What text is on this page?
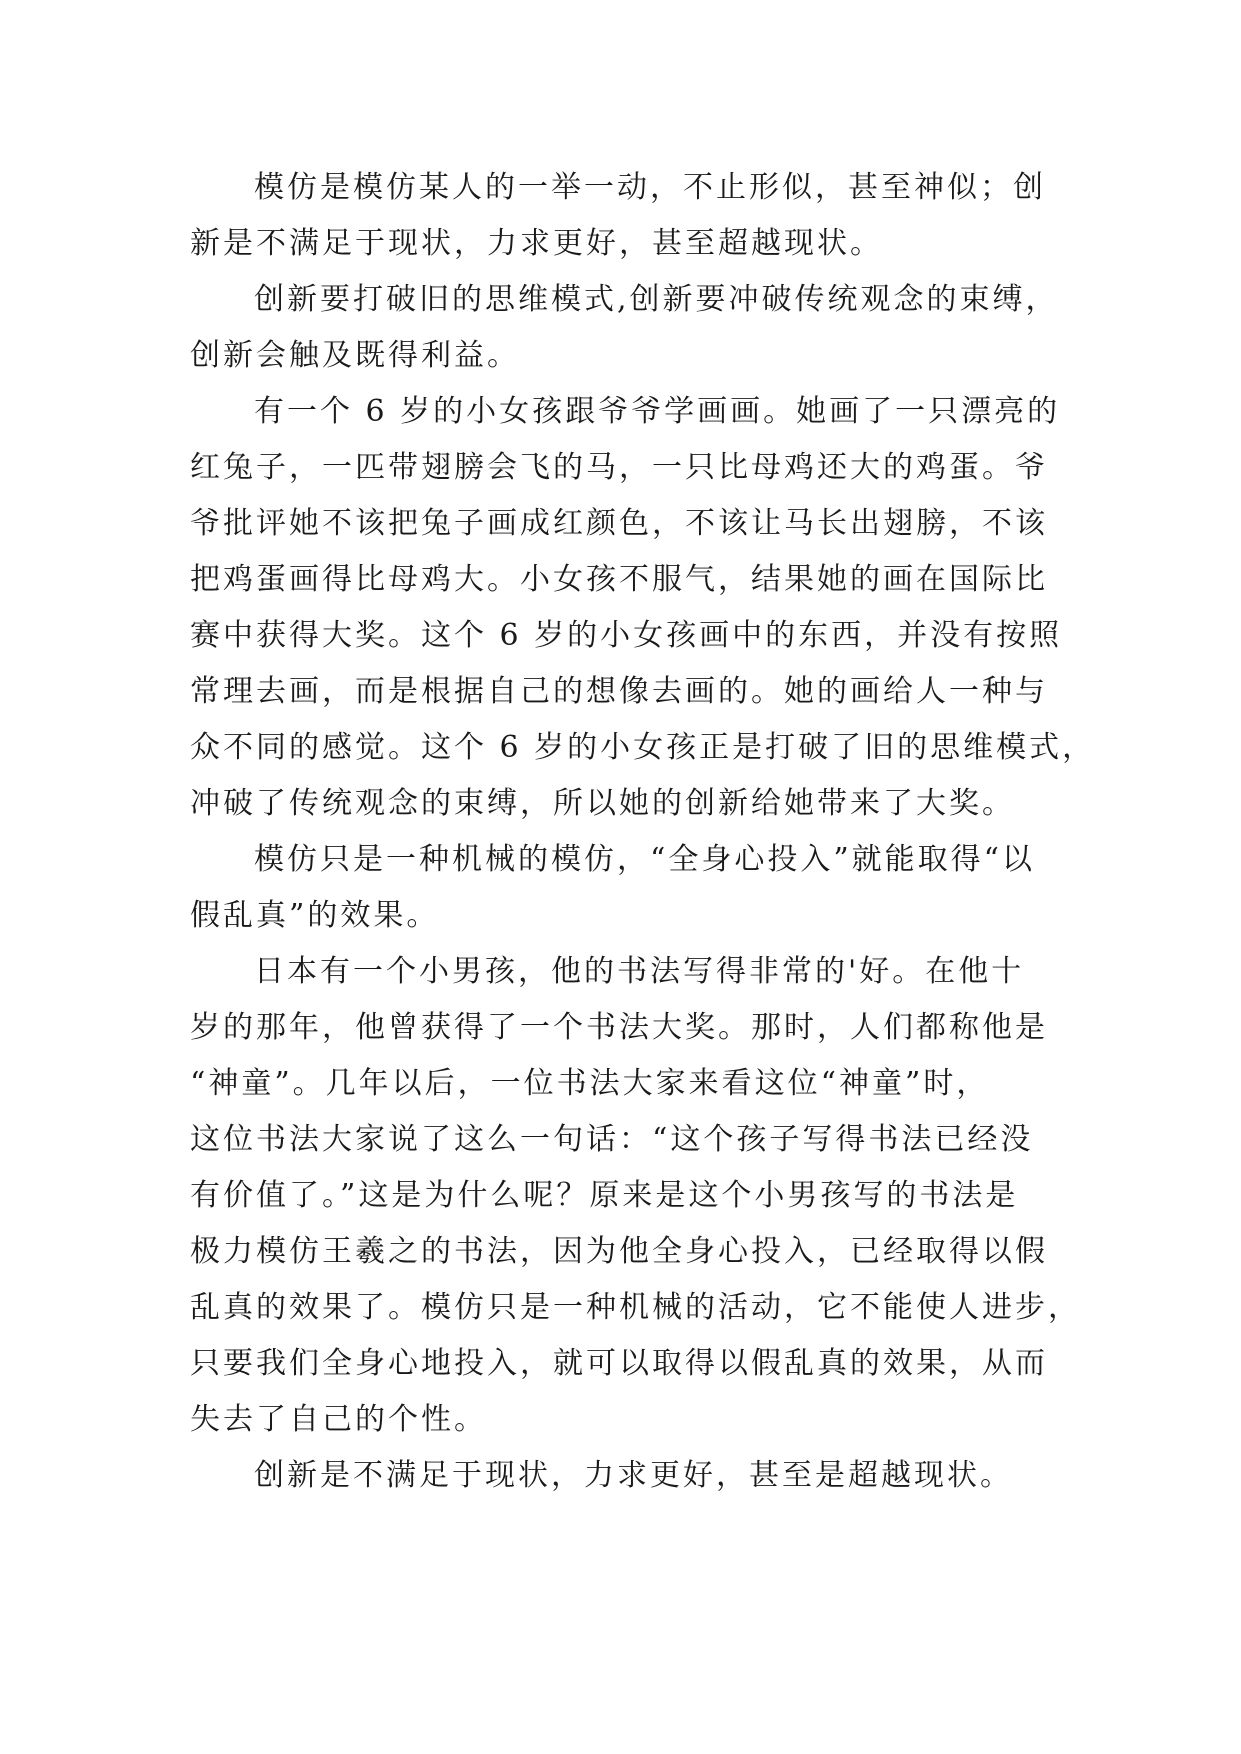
模仿是模仿某人的一举一动，不止形似，甚至神似；创
新是不满足于现状，力求更好，甚至超越现状。
创新要打破旧的思维模式,创新要冲破传统观念的束缚，
创新会触及既得利益。
有一个 6 岁的小女孩跟爷爷学画画。她画了一只漂亮的
红兔子，一匹带翅膀会飞的马，一只比母鸡还大的鸡蛋。爷
爷批评她不该把兔子画成红颜色，不该让马长出翅膀，不该
把鸡蛋画得比母鸡大。小女孩不服气，结果她的画在国际比
赛中获得大奖。这个 6 岁的小女孩画中的东西，并没有按照
常理去画，而是根据自己的想像去画的。她的画给人一种与
众不同的感觉。这个 6 岁的小女孩正是打破了旧的思维模式，
冲破了传统观念的束缚，所以她的创新给她带来了大奖。
模仿只是一种机械的模仿，“全身心投入”就能取得“以
假乱真”的效果。
日本有一个小男孩，他的书法写得非常的'好。在他十
岁的那年，他曾获得了一个书法大奖。那时，人们都称他是
“神童”。几年以后，一位书法大家来看这位“神童”时，
这位书法大家说了这么一句话：“这个孩子写得书法已经没
有价值了。”这是为什么呢？原来是这个小男孩写的书法是
极力模仿王羲之的书法，因为他全身心投入，已经取得以假
乱真的效果了。模仿只是一种机械的活动，它不能使人进步，
只要我们全身心地投入，就可以取得以假乱真的效果，从而
失去了自己的个性。
创新是不满足于现状，力求更好，甚至是超越现状。
